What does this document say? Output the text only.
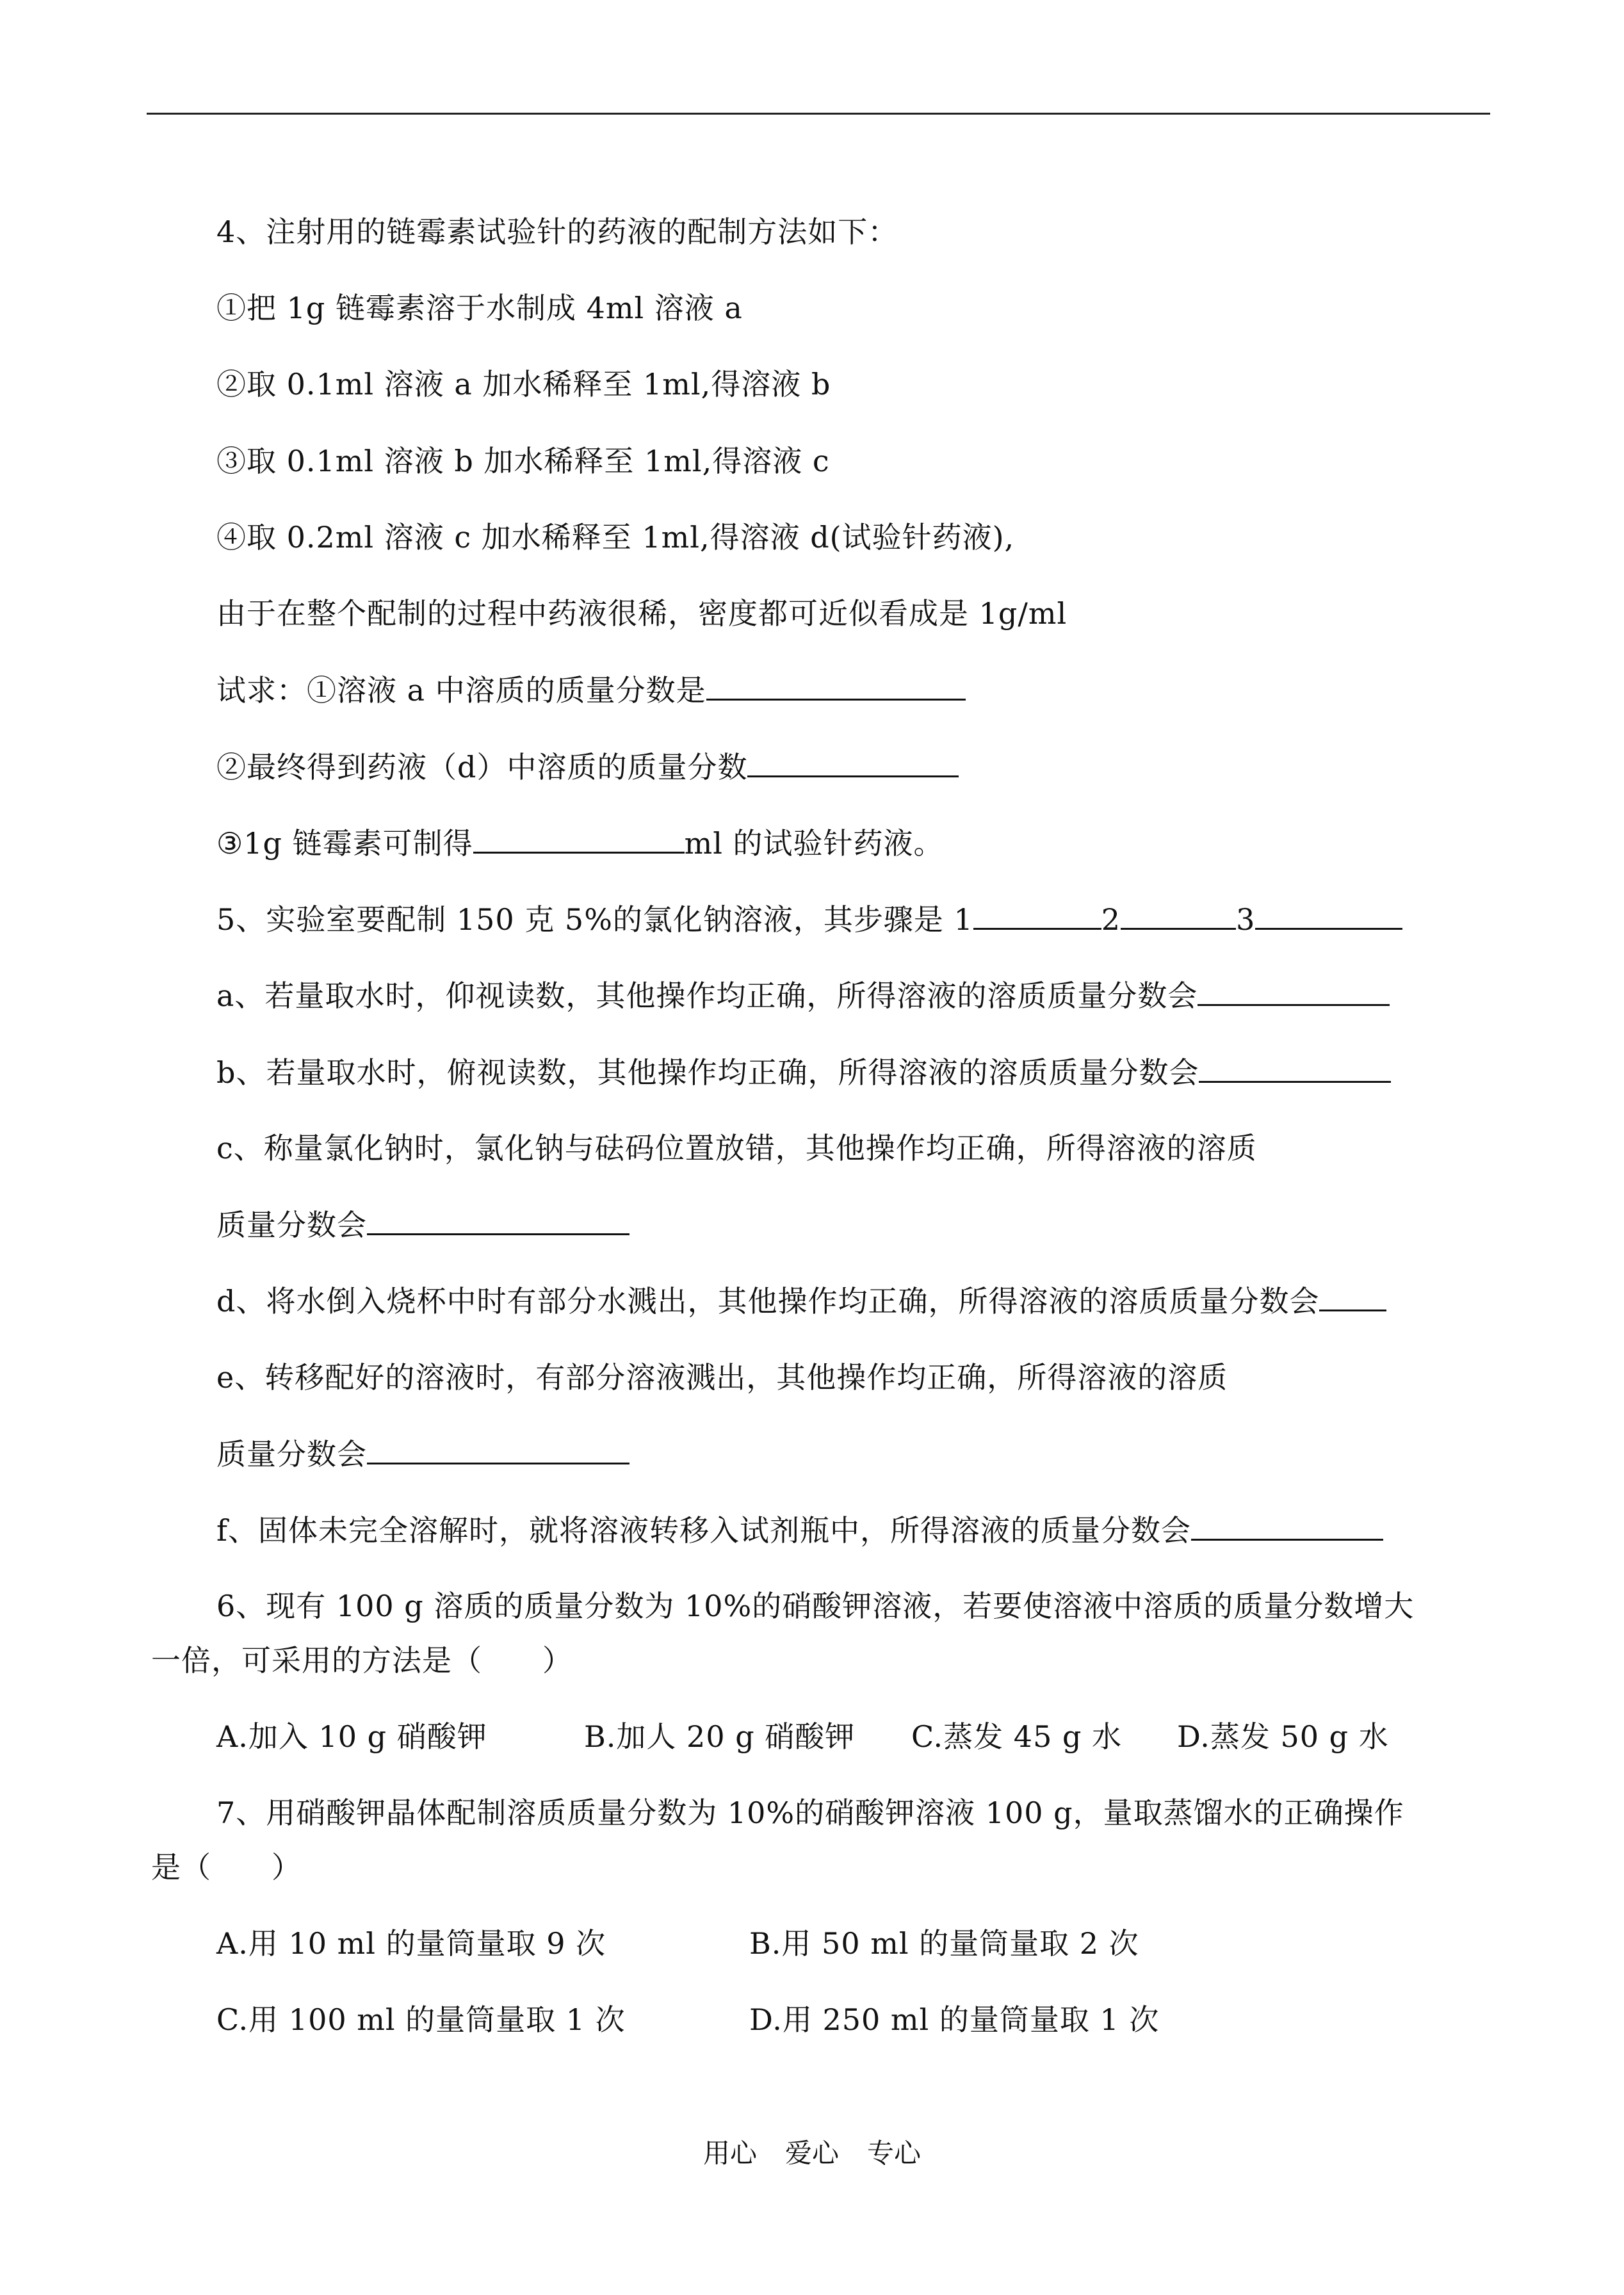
4、注射用的链霉素试验针的药液的配制方法如下：
①把 1g 链霉素溶于水制成 4ml 溶液 a
②取 0.1ml 溶液 a 加水稀释至 1ml,得溶液 b
③取 0.1ml 溶液 b 加水稀释至 1ml,得溶液 c
④取 0.2ml 溶液 c 加水稀释至 1ml,得溶液 d(试验针药液),
由于在整个配制的过程中药液很稀，密度都可近似看成是 1g/ml
试求：①溶液 a 中溶质的质量分数是
②最终得到药液（d）中溶质的质量分数
③1g 链霉素可制得	ml 的试验针药液。
5、实验室要配制 150 克 5%的氯化钠溶液，其步骤是 1	2	3
a、若量取水时，仰视读数，其他操作均正确，所得溶液的溶质质量分数会
b、若量取水时，俯视读数，其他操作均正确，所得溶液的溶质质量分数会
c、称量氯化钠时，氯化钠与砝码位置放错，其他操作均正确，所得溶液的溶质
质量分数会
d、将水倒入烧杯中时有部分水溅出，其他操作均正确，所得溶液的溶质质量分数会
e、转移配好的溶液时，有部分溶液溅出，其他操作均正确，所得溶液的溶质
质量分数会
f、固体未完全溶解时，就将溶液转移入试剂瓶中，所得溶液的质量分数会
6、现有 100 g 溶质的质量分数为 10%的硝酸钾溶液，若要使溶液中溶质的质量分数增大
一倍，可采用的方法是（　　）
A.加入 10 g 硝酸钾	B.加人 20 g 硝酸钾 C.蒸发 45 g 水 D.蒸发 50 g 水
7、用硝酸钾晶体配制溶质质量分数为 10%的硝酸钾溶液 100 g，量取蒸馏水的正确操作
是（　　）
A.用 10 ml 的量筒量取 9 次	B.用 50 ml 的量筒量取 2 次
C.用 100 ml 的量筒量取 1 次	D.用 250 ml 的量筒量取 1 次
用心 爱心 专心
